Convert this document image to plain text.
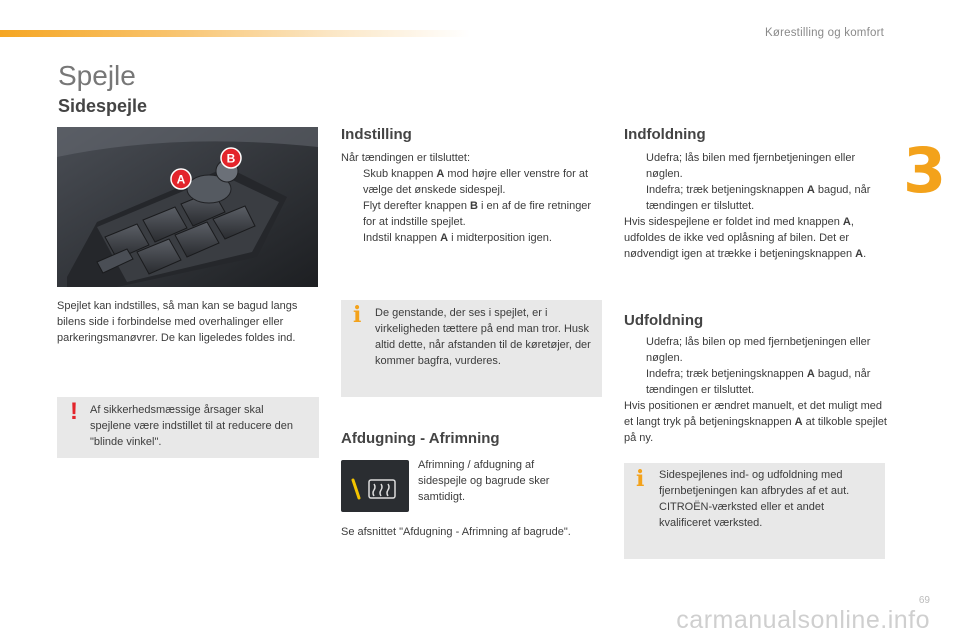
Kørestilling og komfort
3
Spejle
Sidespejle
B
A
Spejlet kan indstilles, så man kan se bagud langs bilens side i forbindelse med overhalinger eller parkeringsmanøvrer. De kan ligeledes foldes ind.
! Af sikkerhedsmæssige årsager skal spejlene være indstillet til at reducere den "blinde vinkel".
Indstilling

Når tændingen er tilsluttet:

Skub knappen A mod højre eller venstre for at vælge det ønskede sidespejl.

Flyt derefter knappen B i en af de fire retninger for at indstille spejlet.

Indstil knappen A i midterposition igen.

i De genstande, der ses i spejlet, er i virkeligheden tættere på end man tror. Husk altid dette, når afstanden til de køretøjer, der kommer bagfra, vurderes.
Afdugning - Afrimning
Afrimning / afdugning af sidespejle og bagrude sker samtidigt.
Se afsnittet "Afdugning - Afrimning af bagrude".
Indfoldning

Udefra; lås bilen med fjernbetjeningen eller nøglen.

Indefra; træk betjeningsknappen A bagud, når tændingen er tilsluttet.

Hvis sidespejlene er foldet ind med knappen A, udfoldes de ikke ved oplåsning af bilen. Det er nødvendigt igen at trække i betjeningsknappen A.

Udfoldning

Udefra; lås bilen op med fjernbetjeningen eller nøglen.

Indefra; træk betjeningsknappen A bagud, når tændingen er tilsluttet.

Hvis positionen er ændret manuelt, et det muligt med et langt tryk på betjeningsknappen A at tilkoble spejlet på ny.

i Sidespejlenes ind- og udfoldning med fjernbetjeningen kan afbrydes af et aut. CITROËN-værksted eller et andet kvalificeret værksted.
69
carmanualsonline.info
